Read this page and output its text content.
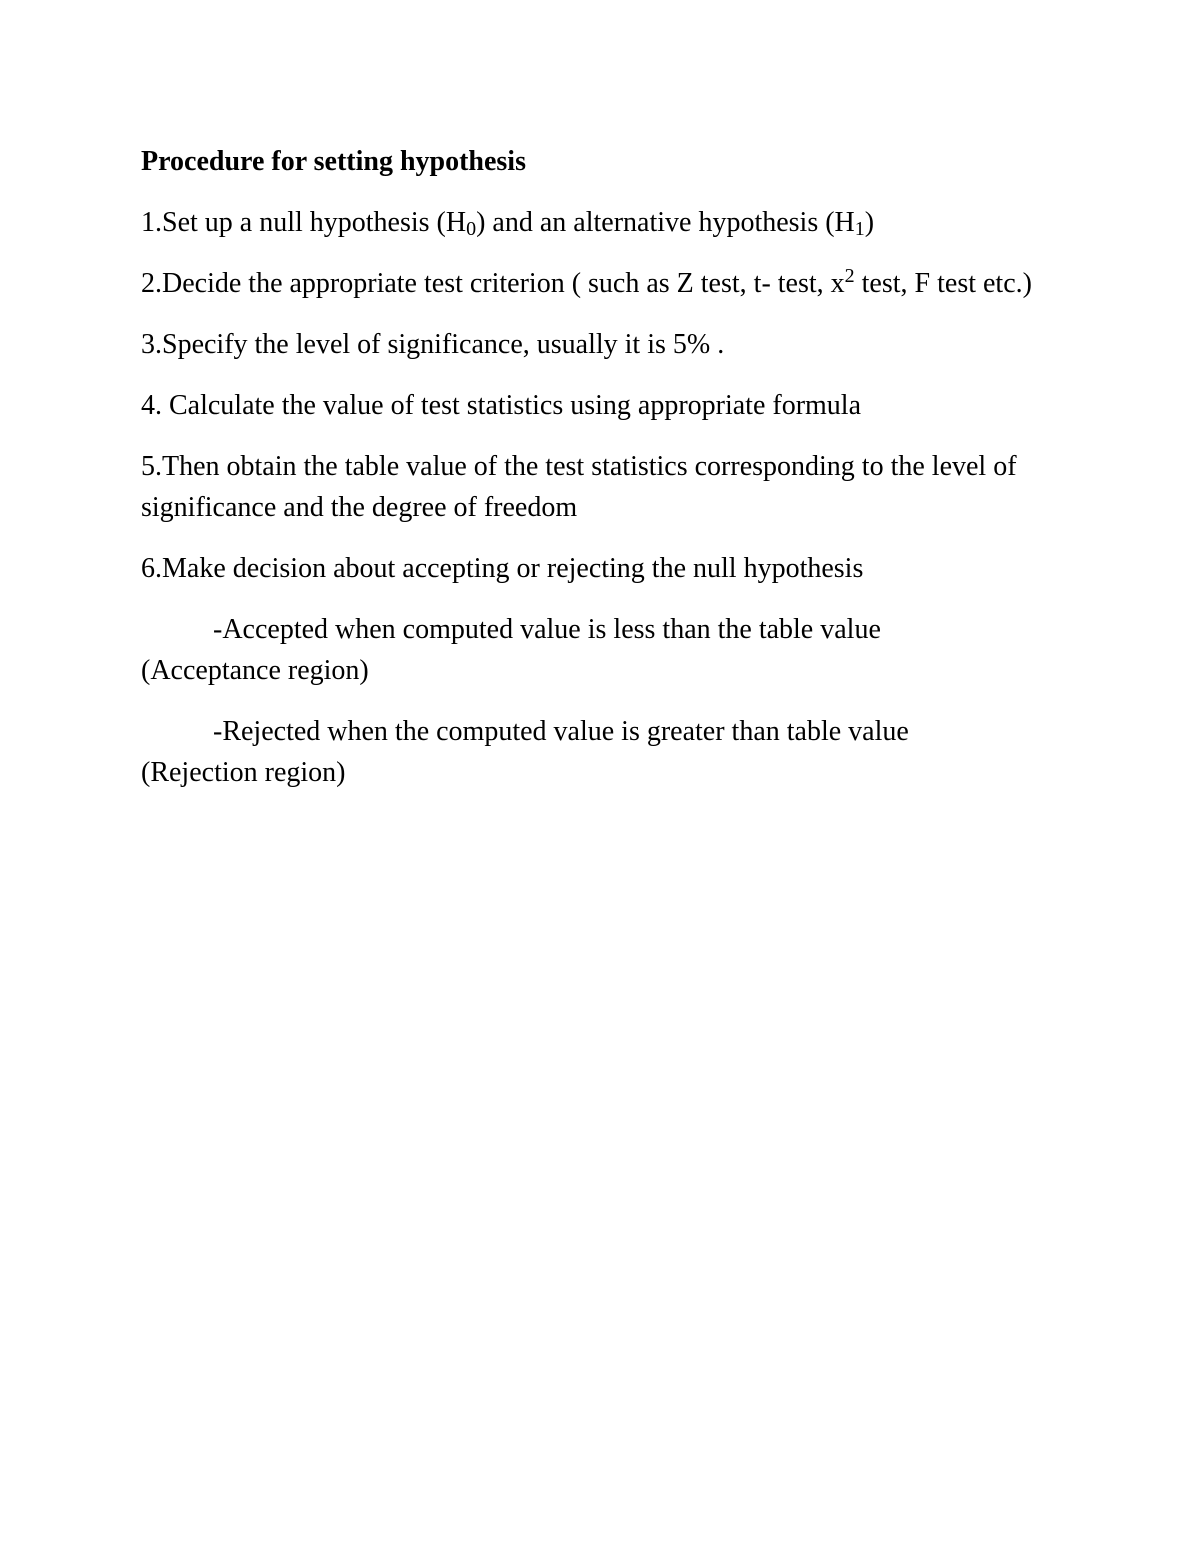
Procedure for setting hypothesis

1.Set up a null hypothesis $(H_0)$ and an alternative hypothesis $(H_1)$

2.Decide the appropriate test criterion ( such as Z test, t- test, $x^2$ test, F test etc.)

3.Specify the level of significance, usually it is 5% .

4. Calculate the value of test statistics using appropriate formula

5.Then obtain the table value of the test statistics corresponding to the level of significance and the degree of freedom

6.Make decision about accepting or rejecting the null hypothesis

-Accepted when computed value is less than the table value
(Acceptance region)

-Rejected when the computed value is greater than table value
(Rejection region)
